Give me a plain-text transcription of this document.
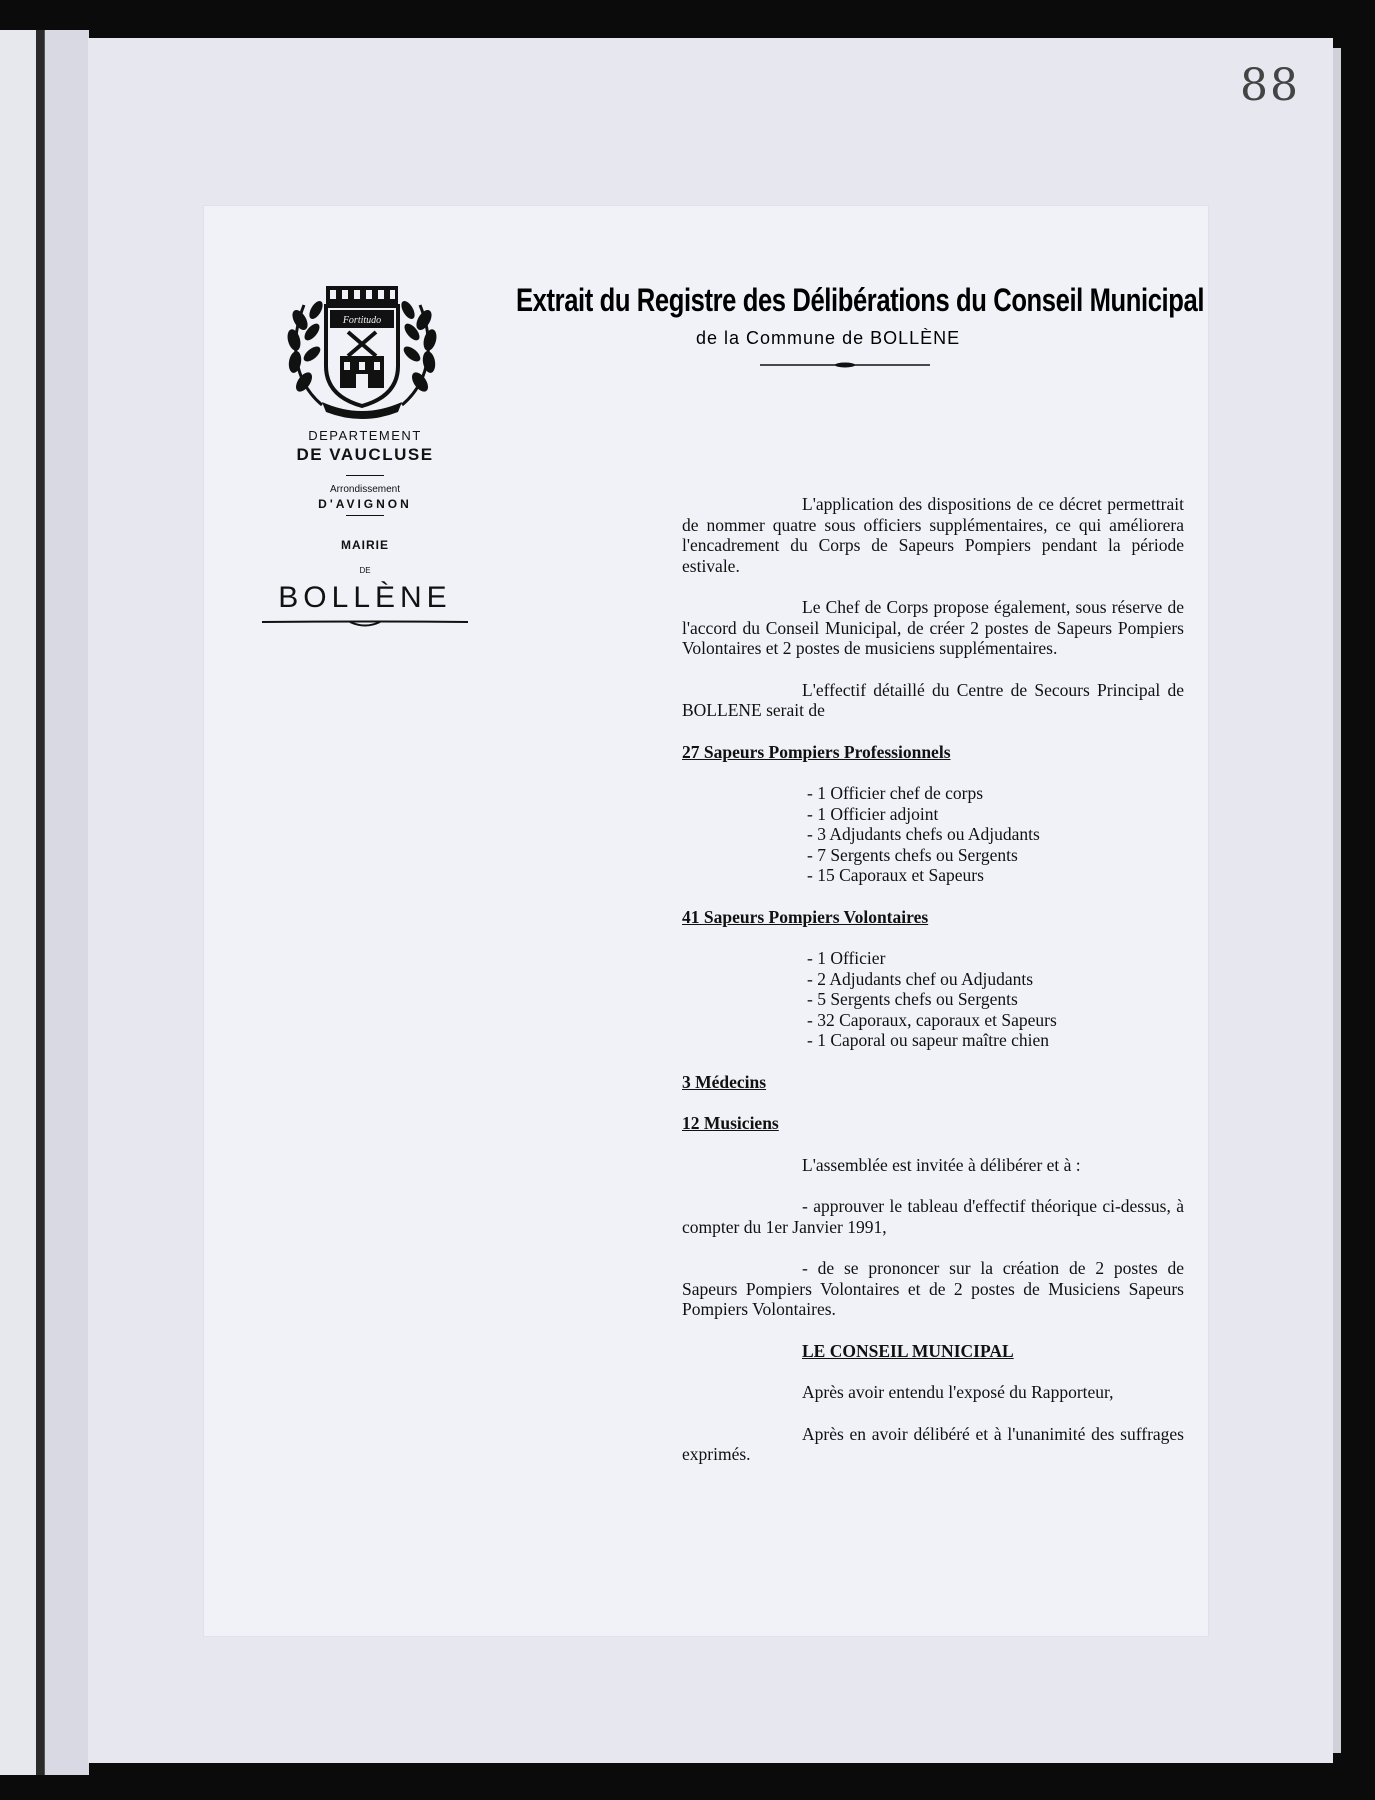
88
Fortitudo

DEPARTEMENT

DE VAUCLUSE

Arrondissement

D'AVIGNON

MAIRIE

DE

BOLLÈNE

Extrait du Registre des Délibérations du Conseil Municipal
de la Commune de BOLLÈNE

L'application des dispositions de ce décret permettrait de nommer quatre sous officiers supplémentaires, ce qui améliorera l'encadrement du Corps de Sapeurs Pompiers pendant la période estivale.

Le Chef de Corps propose également, sous réserve de l'accord du Conseil Municipal, de créer 2 postes de Sapeurs Pompiers Volontaires et 2 postes de musiciens supplémentaires.

L'effectif détaillé du Centre de Secours Principal de BOLLENE serait de

27 Sapeurs Pompiers Professionnels

- 1 Officier chef de corps
- 1 Officier adjoint
- 3 Adjudants chefs ou Adjudants
- 7 Sergents chefs ou Sergents
- 15 Caporaux et Sapeurs

41 Sapeurs Pompiers Volontaires

- 1 Officier
- 2 Adjudants chef ou Adjudants
- 5 Sergents chefs ou Sergents
- 32 Caporaux, caporaux et Sapeurs
- 1 Caporal ou sapeur maître chien

3 Médecins

12 Musiciens

L'assemblée est invitée à délibérer et à :

- approuver le tableau d'effectif théorique ci-dessus, à compter du 1er Janvier 1991,

- de se prononcer sur la création de 2 postes de Sapeurs Pompiers Volontaires et de 2 postes de Musiciens Sapeurs Pompiers Volontaires.

LE CONSEIL MUNICIPAL

Après avoir entendu l'exposé du Rapporteur,

Après en avoir délibéré et à l'unanimité des suffrages exprimés.
